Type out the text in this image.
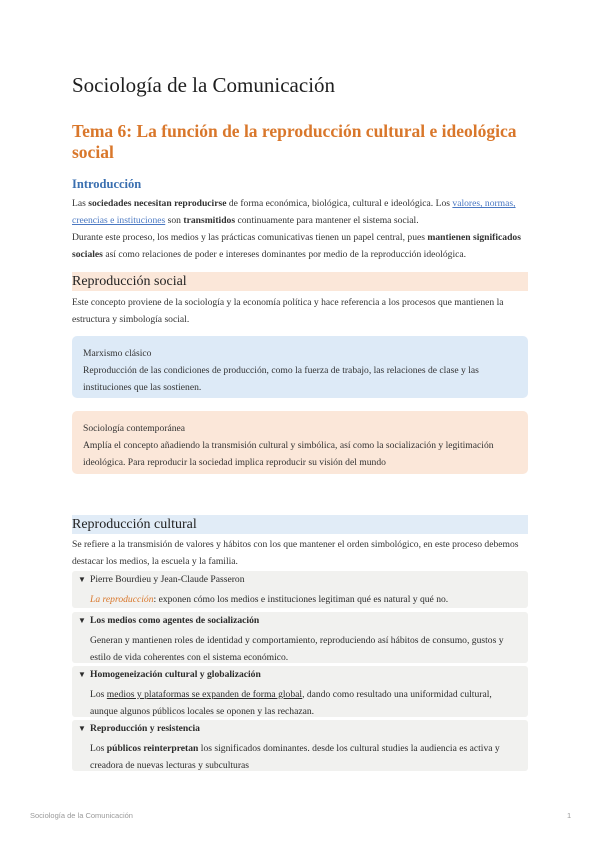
Sociología de la Comunicación
Tema 6: La función de la reproducción cultural e ideológica social
Introducción

Las sociedades necesitan reproducirse de forma económica, biológica, cultural e ideológica. Los valores, normas, creencias e instituciones son transmitidos continuamente para mantener el sistema social.

Durante este proceso, los medios y las prácticas comunicativas tienen un papel central, pues mantienen significados sociales así como relaciones de poder e intereses dominantes por medio de la reproducción ideológica.

Reproducción social

Este concepto proviene de la sociología y la economía política y hace referencia a los procesos que mantienen la estructura y simbología social.

Marxismo clásico
Reproducción de las condiciones de producción, como la fuerza de trabajo, las relaciones de clase y las instituciones que las sostienen.
Sociología contemporánea
Amplía el concepto añadiendo la transmisión cultural y simbólica, así como la socialización y legitimación ideológica. Para reproducir la sociedad implica reproducir su visión del mundo
Reproducción cultural

Se refiere a la transmisión de valores y hábitos con los que mantener el orden simbológico, en este proceso debemos destacar los medios, la escuela y la familia.

▼ Pierre Bourdieu y Jean-Claude Passeron
La reproducción: exponen cómo los medios e instituciones legitiman qué es natural y qué no.
▼ Los medios como agentes de socialización
Generan y mantienen roles de identidad y comportamiento, reproduciendo así hábitos de consumo, gustos y estilo de vida coherentes con el sistema económico.
▼ Homogeneización cultural y globalización
Los medios y plataformas se expanden de forma global, dando como resultado una uniformidad cultural, aunque algunos públicos locales se oponen y las rechazan.
▼ Reproducción y resistencia
Los públicos reinterpretan los significados dominantes. desde los cultural studies la audiencia es activa y creadora de nuevas lecturas y subculturas
Sociología de la Comunicación	1
